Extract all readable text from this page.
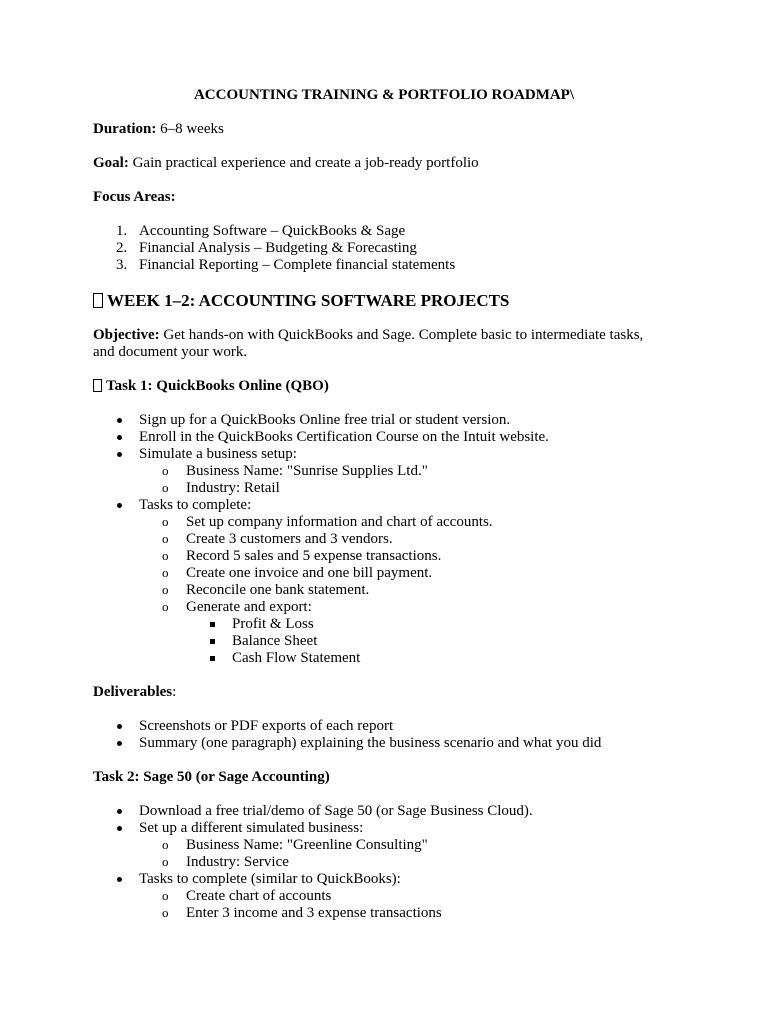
ACCOUNTING TRAINING & PORTFOLIO ROADMAP\
Duration: 6–8 weeks
Goal: Gain practical experience and create a job-ready portfolio
Focus Areas:
1. Accounting Software – QuickBooks & Sage
2. Financial Analysis – Budgeting & Forecasting
3. Financial Reporting – Complete financial statements
WEEK 1–2: ACCOUNTING SOFTWARE PROJECTS
Objective: Get hands-on with QuickBooks and Sage. Complete basic to intermediate tasks,
and document your work.
Task 1: QuickBooks Online (QBO)
Sign up for a QuickBooks Online free trial or student version.
Enroll in the QuickBooks Certification Course on the Intuit website.
Simulate a business setup:
o Business Name: "Sunrise Supplies Ltd."
o Industry: Retail
Tasks to complete:
o Set up company information and chart of accounts.
o Create 3 customers and 3 vendors.
o Record 5 sales and 5 expense transactions.
o Create one invoice and one bill payment.
o Reconcile one bank statement.
o Generate and export:
Profit & Loss
Balance Sheet
Cash Flow Statement
Deliverables:
Screenshots or PDF exports of each report
Summary (one paragraph) explaining the business scenario and what you did
Task 2: Sage 50 (or Sage Accounting)
Download a free trial/demo of Sage 50 (or Sage Business Cloud).
Set up a different simulated business:
o Business Name: "Greenline Consulting"
o Industry: Service
Tasks to complete (similar to QuickBooks):
o Create chart of accounts
o Enter 3 income and 3 expense transactions
